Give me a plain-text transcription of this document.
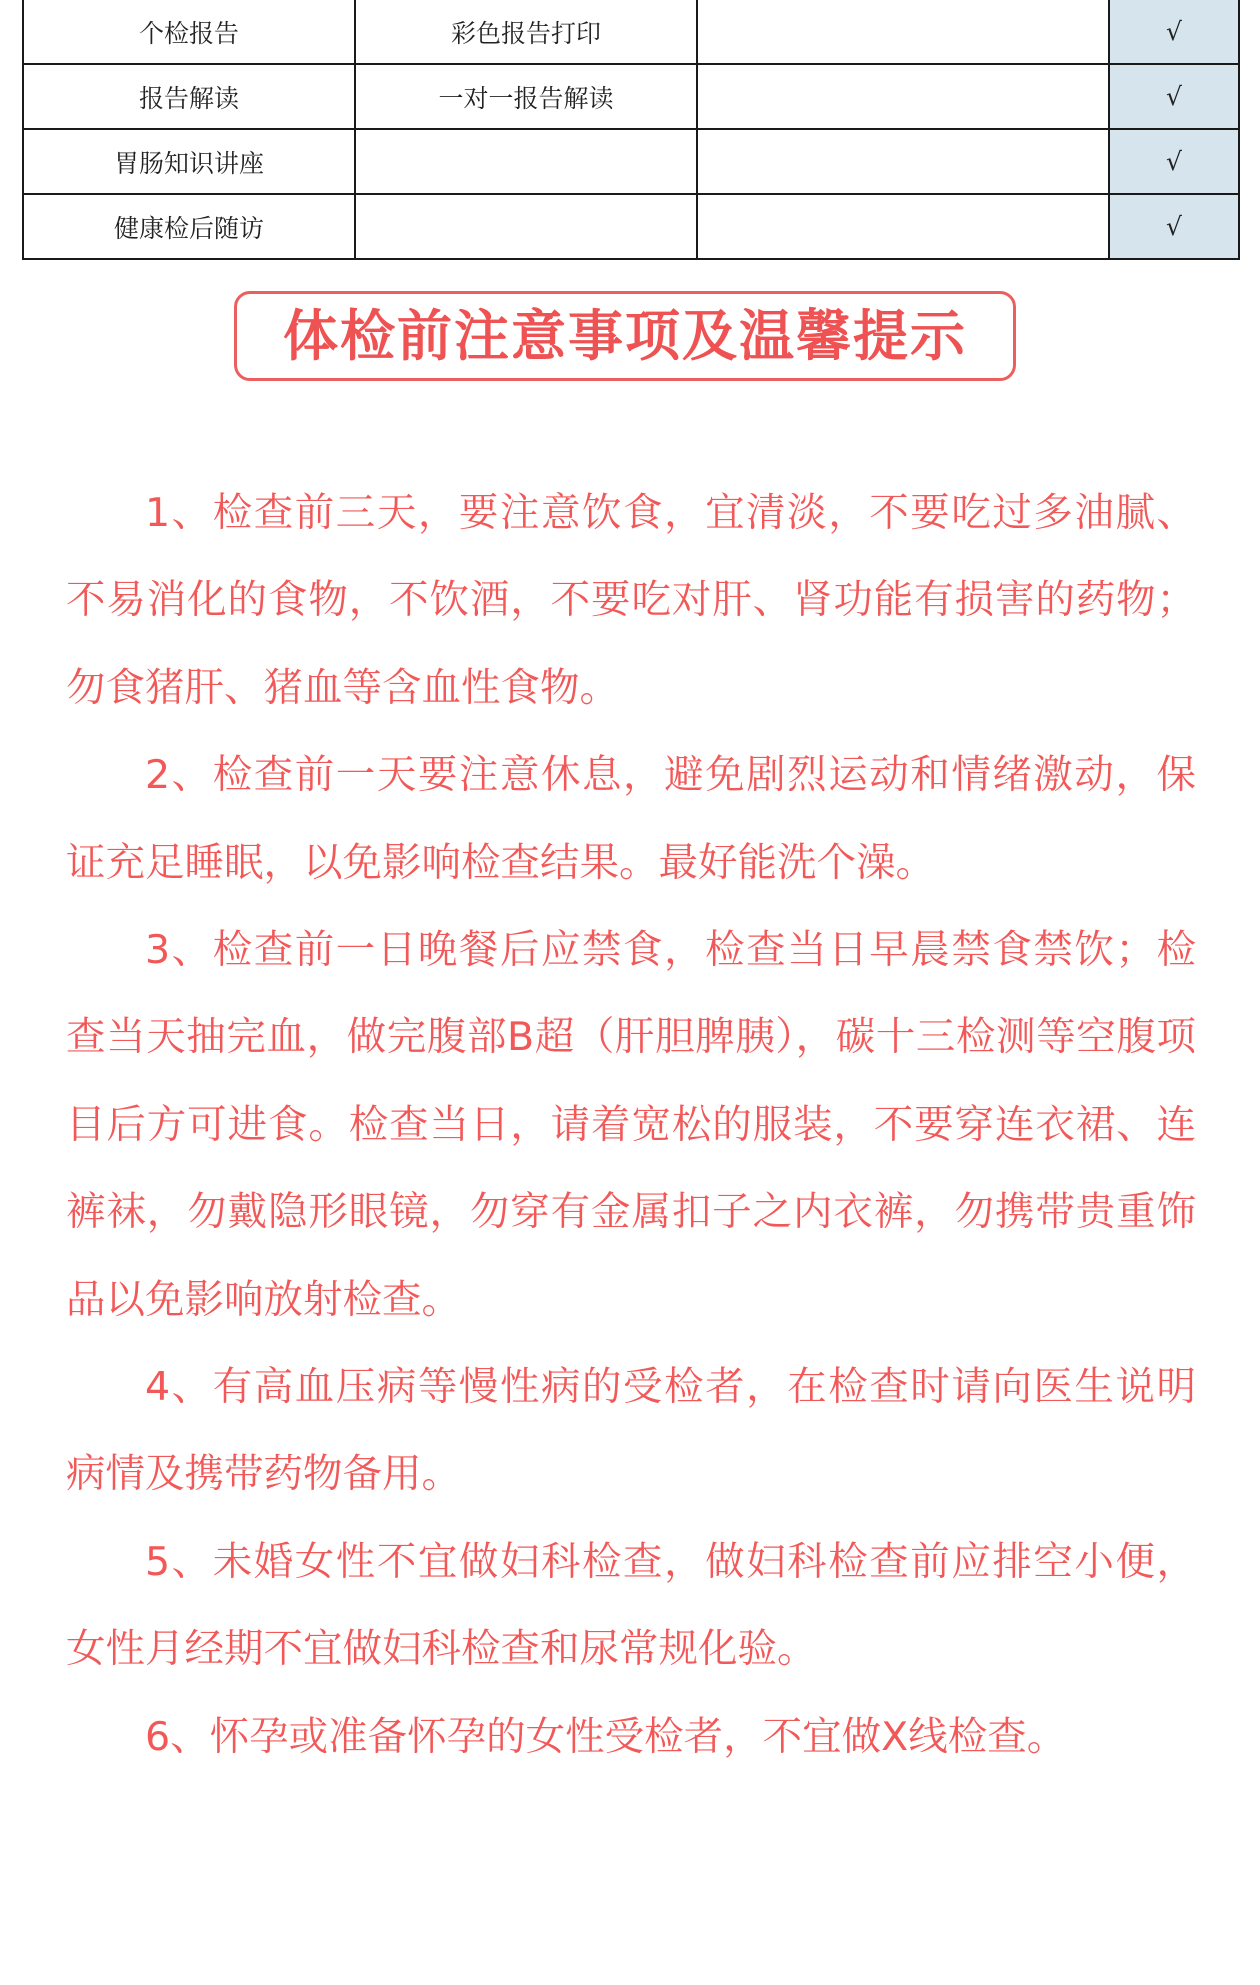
个检报告	彩色报告打印		√
报告解读	一对一报告解读		√
胃肠知识讲座			√
健康检后随访			√
体检前注意事项及温馨提示

1、检查前三天，要注意饮食，宜清淡，不要吃过多油腻、不易消化的食物，不饮酒，不要吃对肝、肾功能有损害的药物；勿食猪肝、猪血等含血性食物。

2、检查前一天要注意休息，避免剧烈运动和情绪激动，保证充足睡眠，以免影响检查结果。最好能洗个澡。

3、检查前一日晚餐后应禁食，检查当日早晨禁食禁饮；检查当天抽完血，做完腹部B超（肝胆脾胰），碳十三检测等空腹项目后方可进食。检查当日，请着宽松的服装，不要穿连衣裙、连裤袜，勿戴隐形眼镜，勿穿有金属扣子之内衣裤，勿携带贵重饰品以免影响放射检查。

4、有高血压病等慢性病的受检者，在检查时请向医生说明病情及携带药物备用。

5、未婚女性不宜做妇科检查，做妇科检查前应排空小便，女性月经期不宜做妇科检查和尿常规化验。

6、怀孕或准备怀孕的女性受检者，不宜做X线检查。
